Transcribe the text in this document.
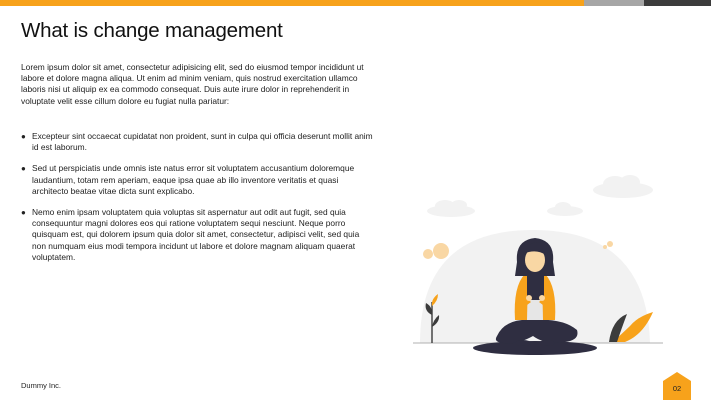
What is change management
Lorem ipsum dolor sit amet, consectetur adipisicing elit, sed do eiusmod tempor incididunt ut labore et dolore magna aliqua. Ut enim ad minim veniam, quis nostrud exercitation ullamco laboris nisi ut aliquip ex ea commodo consequat. Duis aute irure dolor in reprehenderit in voluptate velit esse cillum dolore eu fugiat nulla pariatur:
● Excepteur sint occaecat cupidatat non proident, sunt in culpa qui officia deserunt mollit anim id est laborum.
● Sed ut perspiciatis unde omnis iste natus error sit voluptatem accusantium doloremque laudantium, totam rem aperiam, eaque ipsa quae ab illo inventore veritatis et quasi architecto beatae vitae dicta sunt explicabo.
● Nemo enim ipsam voluptatem quia voluptas sit aspernatur aut odit aut fugit, sed quia consequuntur magni dolores eos qui ratione voluptatem sequi nesciunt. Neque porro quisquam est, qui dolorem ipsum quia dolor sit amet, consectetur, adipisci velit, sed quia non numquam eius modi tempora incidunt ut labore et dolore magnam aliquam quaerat voluptatem.
Dummy Inc.	02
